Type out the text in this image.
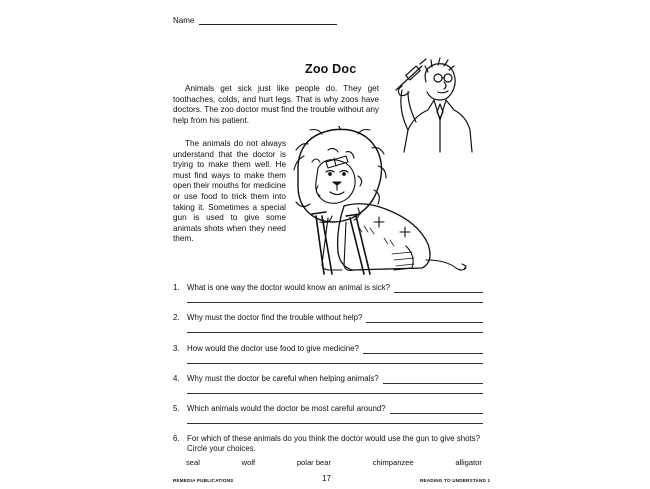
Name
Zoo Doc
Animals get sick just like people do. They get toothaches, colds, and hurt legs. That is why zoos have doctors. The zoo doctor must find the trouble without any help from his patient.
The animals do not always understand that the doctor is trying to make them well. He must find ways to make them open their mouths for medicine or use food to trick them into taking it. Sometimes a special gun is used to give some animals shots when they need them.
1. What is one way the doctor would know an animal is sick?
2. Why must the doctor find the trouble without help?
3. How would the doctor use food to give medicine?
4. Why must the doctor be careful when helping animals?
5. Which animals would the doctor be most careful around?
6. For which of these animals do you think the doctor would use the gun to give shots?
Circle your choices.
seal	wolf	polar bear	chimpanzee	alligator
REMEDIA PUBLICATIONS	17	READING TO UNDERSTAND 1
